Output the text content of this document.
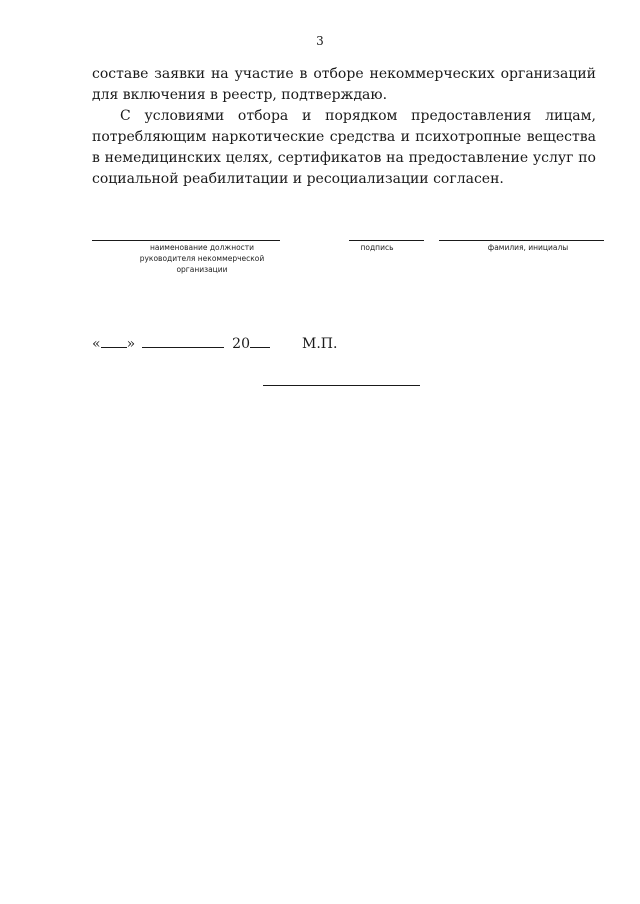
3

составе заявки на участие в отборе некоммерческих организаций для включения в реестр, подтверждаю.

С условиями отбора и порядком предоставления лицам, потребляющим наркотические средства и психотропные вещества в немедицинских целях, сертификатов на предоставление услуг по социальной реабилитации и ресоциализации согласен.

наименование должности
руководителя некоммерческой
организации
подпись	фамилия, инициалы
« »	20	М.П.
